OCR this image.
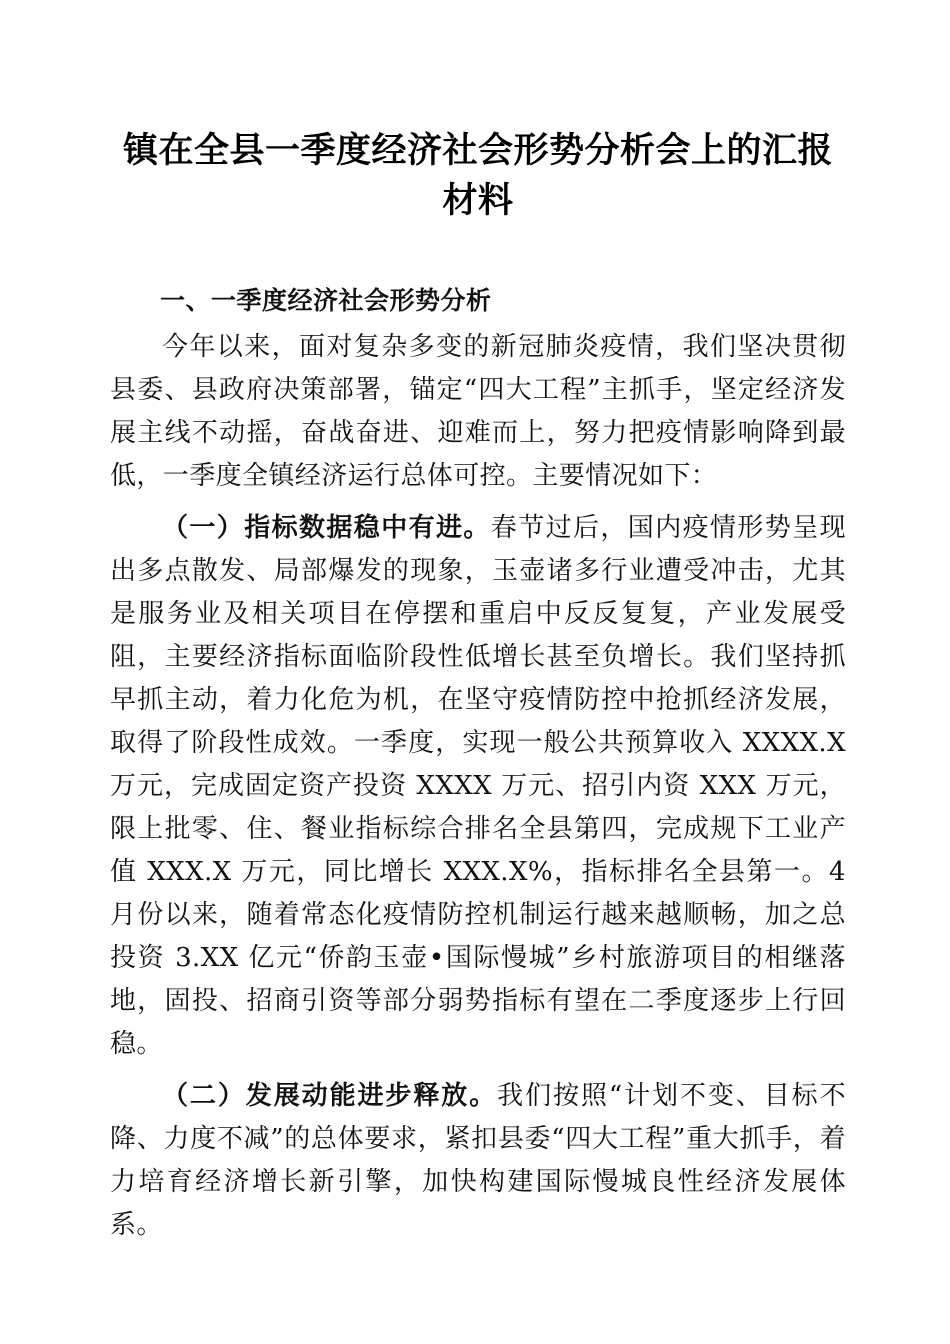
镇在全县一季度经济社会形势分析会上的汇报材料
一、一季度经济社会形势分析

今年以来，面对复杂多变的新冠肺炎疫情，我们坚决贯彻县委、县政府决策部署，锚定“四大工程”主抓手，坚定经济发展主线不动摇，奋战奋进、迎难而上，努力把疫情影响降到最低，一季度全镇经济运行总体可控。主要情况如下：

（一）指标数据稳中有进。春节过后，国内疫情形势呈现出多点散发、局部爆发的现象，玉壶诸多行业遭受冲击，尤其是服务业及相关项目在停摆和重启中反反复复，产业发展受阻，主要经济指标面临阶段性低增长甚至负增长。我们坚持抓早抓主动，着力化危为机，在坚守疫情防控中抢抓经济发展，取得了阶段性成效。一季度，实现一般公共预算收入 XXXX.X 万元，完成固定资产投资 XXXX 万元、招引内资 XXX 万元，限上批零、住、餐业指标综合排名全县第四，完成规下工业产值 XXX.X 万元，同比增长 XXX.X%，指标排名全县第一。4 月份以来，随着常态化疫情防控机制运行越来越顺畅，加之总投资 3.XX 亿元“侨韵玉壶•国际慢城”乡村旅游项目的相继落地，固投、招商引资等部分弱势指标有望在二季度逐步上行回稳。

（二）发展动能进步释放。我们按照“计划不变、目标不降、力度不减”的总体要求，紧扣县委“四大工程”重大抓手，着力培育经济增长新引擎，加快构建国际慢城良性经济发展体系。
